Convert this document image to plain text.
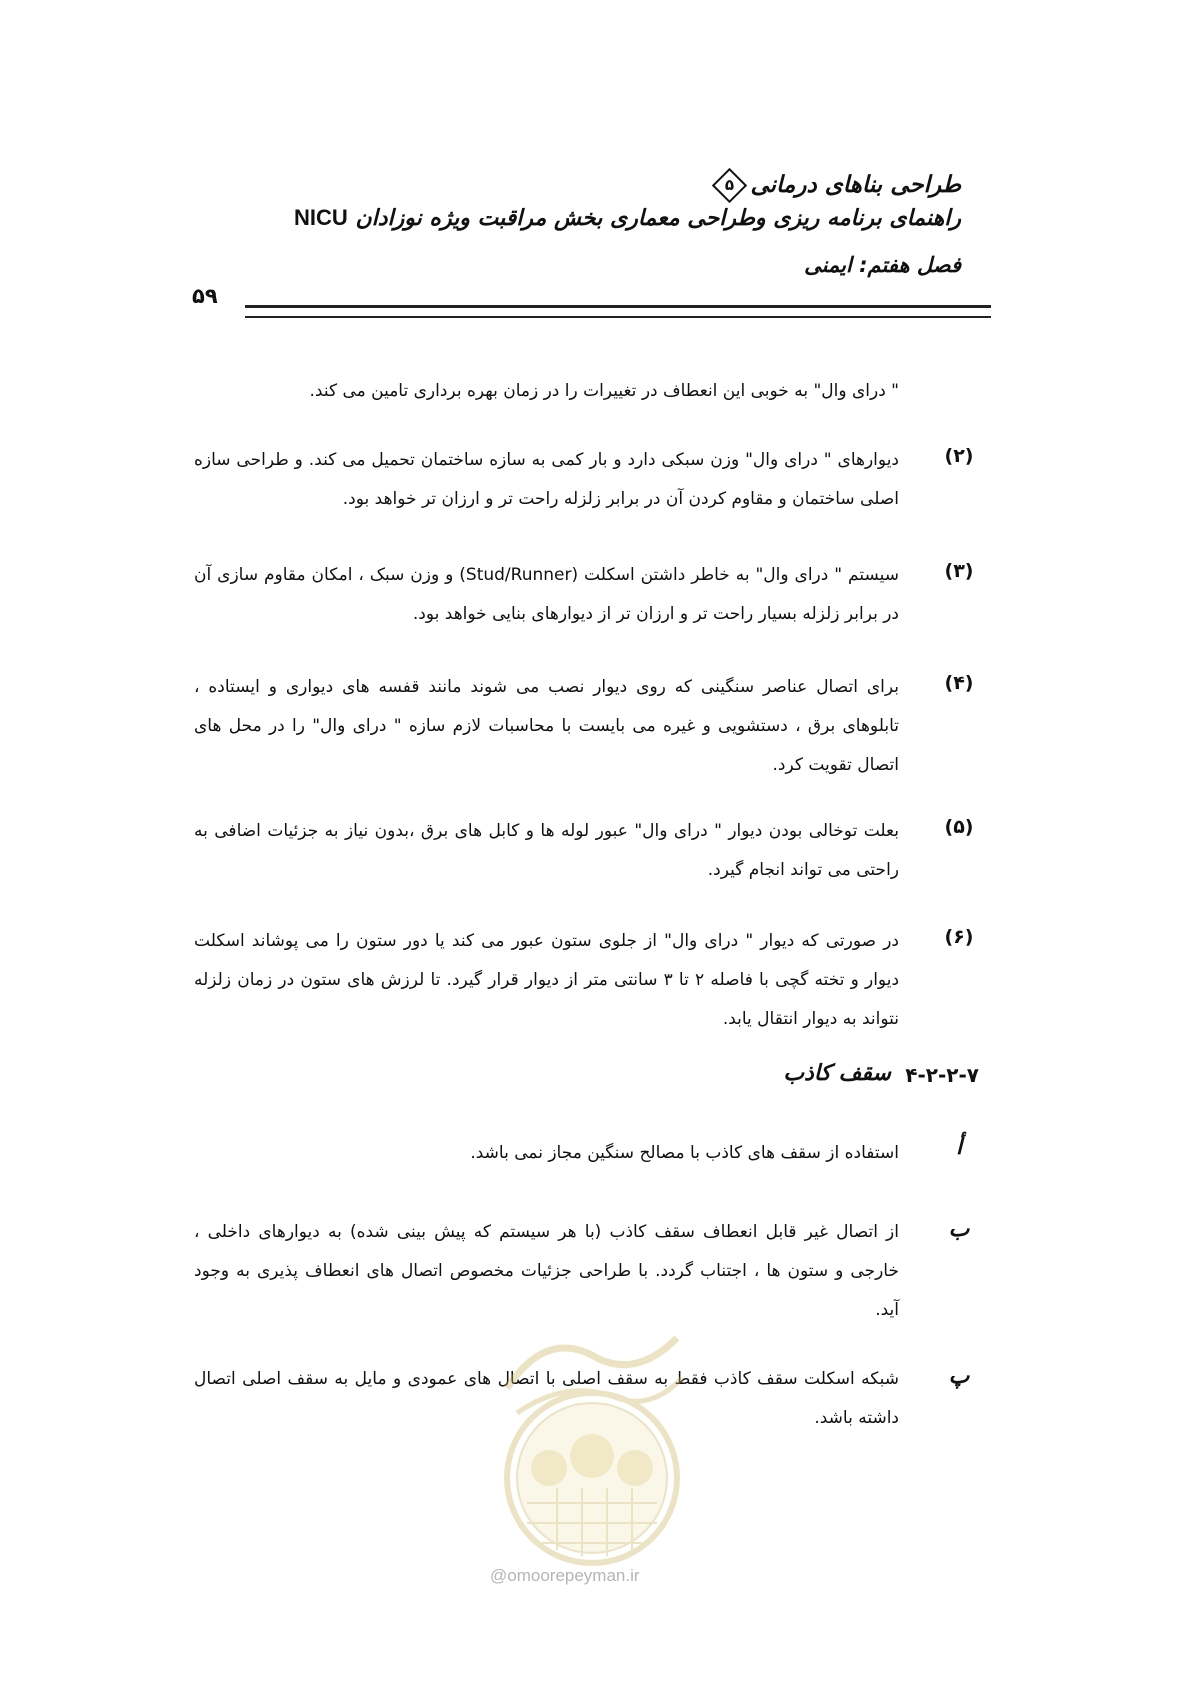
طراحی بناهای درمانی
۵
راهنمای برنامه ریزی وطراحی معماری بخش مراقبت ویژه نوزادان NICU
فصل هفتم: ایمنی
۵۹
" درای وال" به خوبی این انعطاف در تغییرات را در زمان بهره برداری تامین می کند.
(۲)
دیوارهای " درای وال" وزن سبکی دارد و بار کمی به سازه ساختمان تحمیل می کند. و طراحی سازه اصلی ساختمان و مقاوم کردن آن در برابر زلزله راحت تر و ارزان تر خواهد بود.
(۳)
سیستم " درای وال" به خاطر داشتن اسکلت (Stud/Runner) و وزن سبک ، امکان مقاوم سازی آن در برابر زلزله بسیار راحت تر و ارزان تر از دیوارهای بنایی خواهد بود.
(۴)
برای اتصال عناصر سنگینی که روی دیوار نصب می شوند مانند قفسه های دیواری و ایستاده ، تابلوهای برق ، دستشویی و غیره می بایست با محاسبات لازم سازه " درای وال" را در محل های اتصال تقویت کرد.
(۵)
بعلت توخالی بودن دیوار " درای وال" عبور لوله ها و کابل های برق ،بدون نیاز به جزئیات اضافی به راحتی می تواند انجام گیرد.
(۶)
در صورتی که دیوار " درای وال" از جلوی ستون عبور می کند یا دور ستون را می پوشاند اسکلت دیوار و تخته گچی با فاصله ۲ تا ۳ سانتی متر از دیوار قرار گیرد. تا لرزش های ستون در زمان زلزله نتواند به دیوار انتقال یابد.
۴-۲-۲-۷
سقف کاذب
أ
استفاده از سقف های کاذب با مصالح سنگین مجاز نمی باشد.
ب
از اتصال غیر قابل انعطاف سقف کاذب (با هر سیستم که پیش بینی شده) به دیوارهای داخلی ، خارجی و ستون ها ، اجتناب گردد. با طراحی جزئیات مخصوص اتصال های انعطاف پذیری به وجود آید.
پ
شبکه اسکلت سقف کاذب فقط به سقف اصلی با اتصال های عمودی و مایل به سقف اصلی اتصال داشته باشد.
@omoorepeyman.ir
